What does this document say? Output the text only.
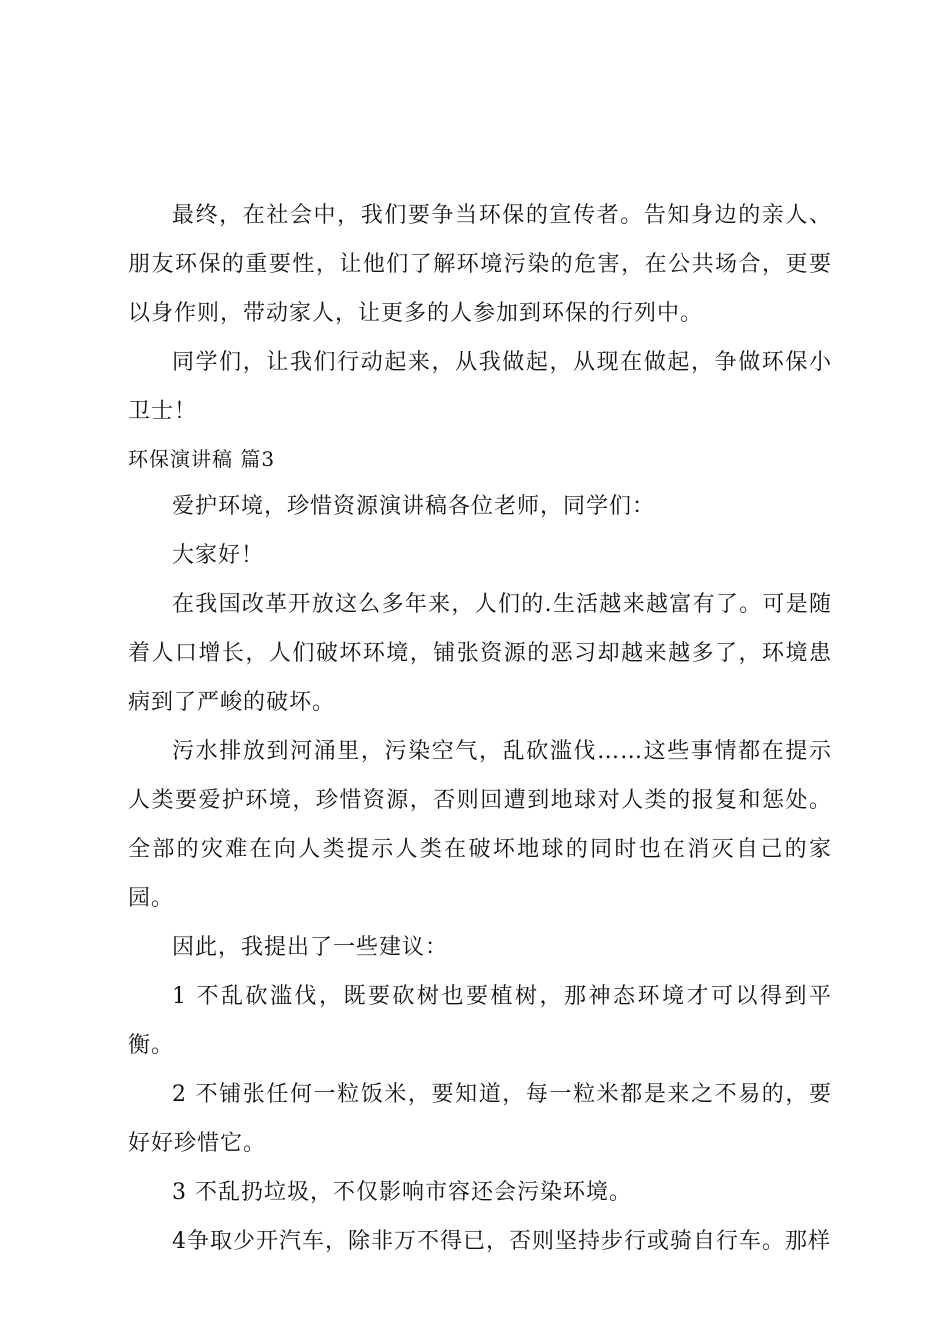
最终，在社会中，我们要争当环保的宣传者。告知身边的亲人、朋友环保的重要性，让他们了解环境污染的危害，在公共场合，更要以身作则，带动家人，让更多的人参加到环保的行列中。

同学们，让我们行动起来，从我做起，从现在做起，争做环保小卫士！

环保演讲稿 篇3

爱护环境，珍惜资源演讲稿各位老师，同学们：

大家好！

在我国改革开放这么多年来，人们的.生活越来越富有了。可是随着人口增长，人们破坏环境，铺张资源的恶习却越来越多了，环境患病到了严峻的破坏。

污水排放到河涌里，污染空气，乱砍滥伐……这些事情都在提示人类要爱护环境，珍惜资源，否则回遭到地球对人类的报复和惩处。全部的灾难在向人类提示人类在破坏地球的同时也在消灭自己的家园。

因此，我提出了一些建议：

1 不乱砍滥伐，既要砍树也要植树，那神态环境才可以得到平衡。

2 不铺张任何一粒饭米，要知道，每一粒米都是来之不易的，要好好珍惜它。

3 不乱扔垃圾，不仅影响市容还会污染环境。

4争取少开汽车，除非万不得已，否则坚持步行或骑自行车。那样
